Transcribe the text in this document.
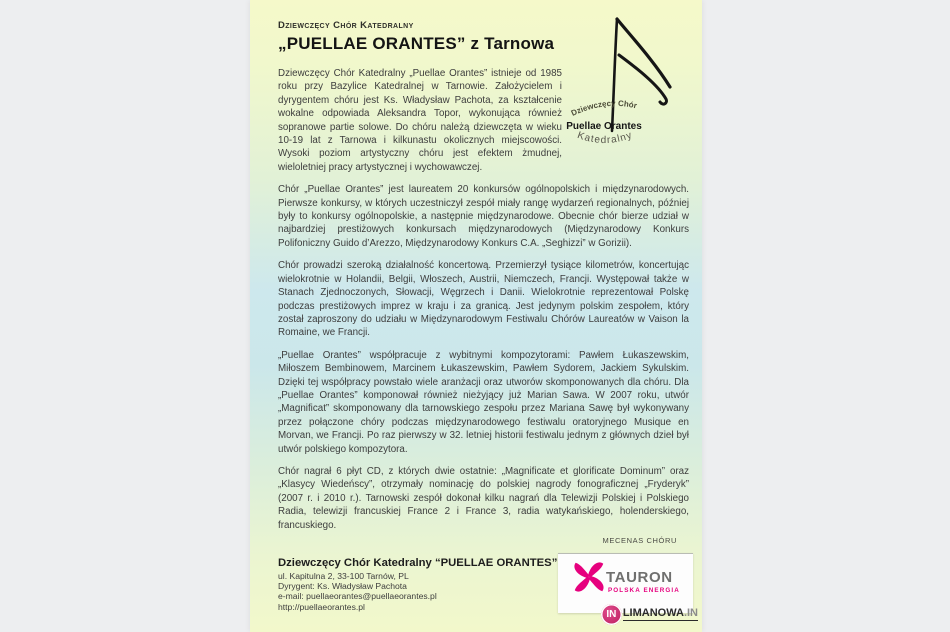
Dziewczęcy Chór
Puellae Orantes
Katedralny
Dziewczęcy Chór Katedralny
„PUELLAE ORANTES” z Tarnowa

Dziewczęcy Chór Katedralny „Puellae Orantes” istnieje od 1985 roku przy Bazylice Katedralnej w Tarnowie. Założycielem i dyrygentem chóru jest Ks. Władysław Pachota, za kształcenie wokalne odpowiada Aleksandra Topor, wykonująca również sopranowe partie solowe. Do chóru należą dziewczęta w wieku 10-19 lat z Tarnowa i kilkunastu okolicznych miejscowości. Wysoki poziom artystyczny chóru jest efektem żmudnej, wieloletniej pracy artystycznej i wychowawczej.

Chór „Puellae Orantes” jest laureatem 20 konkursów ogólnopolskich i międzynarodowych. Pierwsze konkursy, w których uczestniczył zespół miały rangę wydarzeń regionalnych, później były to konkursy ogólnopolskie, a następnie międzynarodowe. Obecnie chór bierze udział w najbardziej prestiżowych konkursach międzynarodowych (Międzynarodowy Konkurs Polifoniczny Guido d’Arezzo, Międzynarodowy Konkurs C.A. „Seghizzi” w Gorizii).

Chór prowadzi szeroką działalność koncertową. Przemierzył tysiące kilometrów, koncertując wielokrotnie w Holandii, Belgii, Włoszech, Austrii, Niemczech, Francji. Występował także w Stanach Zjednoczonych, Słowacji, Węgrzech i Danii. Wielokrotnie reprezentował Polskę podczas prestiżowych imprez w kraju i za granicą. Jest jedynym polskim zespołem, który został zaproszony do udziału w Międzynarodowym Festiwalu Chórów Laureatów w Vaison la Romaine, we Francji.

„Puellae Orantes” współpracuje z wybitnymi kompozytorami: Pawłem Łukaszewskim, Miłoszem Bembinowem, Marcinem Łukaszewskim, Pawłem Sydorem, Jackiem Sykulskim. Dzięki tej współpracy powstało wiele aranżacji oraz utworów skomponowanych dla chóru. Dla „Puellae Orantes” komponował również nieżyjący już Marian Sawa. W 2007 roku, utwór „Magnificat” skomponowany dla tarnowskiego zespołu przez Mariana Sawę był wykonywany przez połączone chóry podczas międzynarodowego festiwalu oratoryjnego Musique en Morvan, we Francji. Po raz pierwszy w 32. letniej historii festiwalu jednym z głównych dzieł był utwór polskiego kompozytora.

Chór nagrał 6 płyt CD, z których dwie ostatnie: „Magnificate et glorificate Dominum” oraz „Klasycy Wiedeńscy”, otrzymały nominację do polskiej nagrody fonograficznej „Fryderyk” (2007 r. i 2010 r.). Tarnowski zespół dokonał kilku nagrań dla Telewizji Polskiej i Polskiego Radia, telewizji francuskiej France 2 i France 3, radia watykańskiego, holenderskiego, francuskiego.

MECENAS CHÓRU

Dziewczęcy Chór Katedralny “PUELLAE ORANTES”

ul. Kapitulna 2, 33-100 Tarnów, PL

Dyrygent: Ks. Władysław Pachota

e-mail: puellaeorantes@puellaeorantes.pl

http://puellaeorantes.pl

TAURON
POLSKA ENERGIA
IN LIMANOWA.IN
